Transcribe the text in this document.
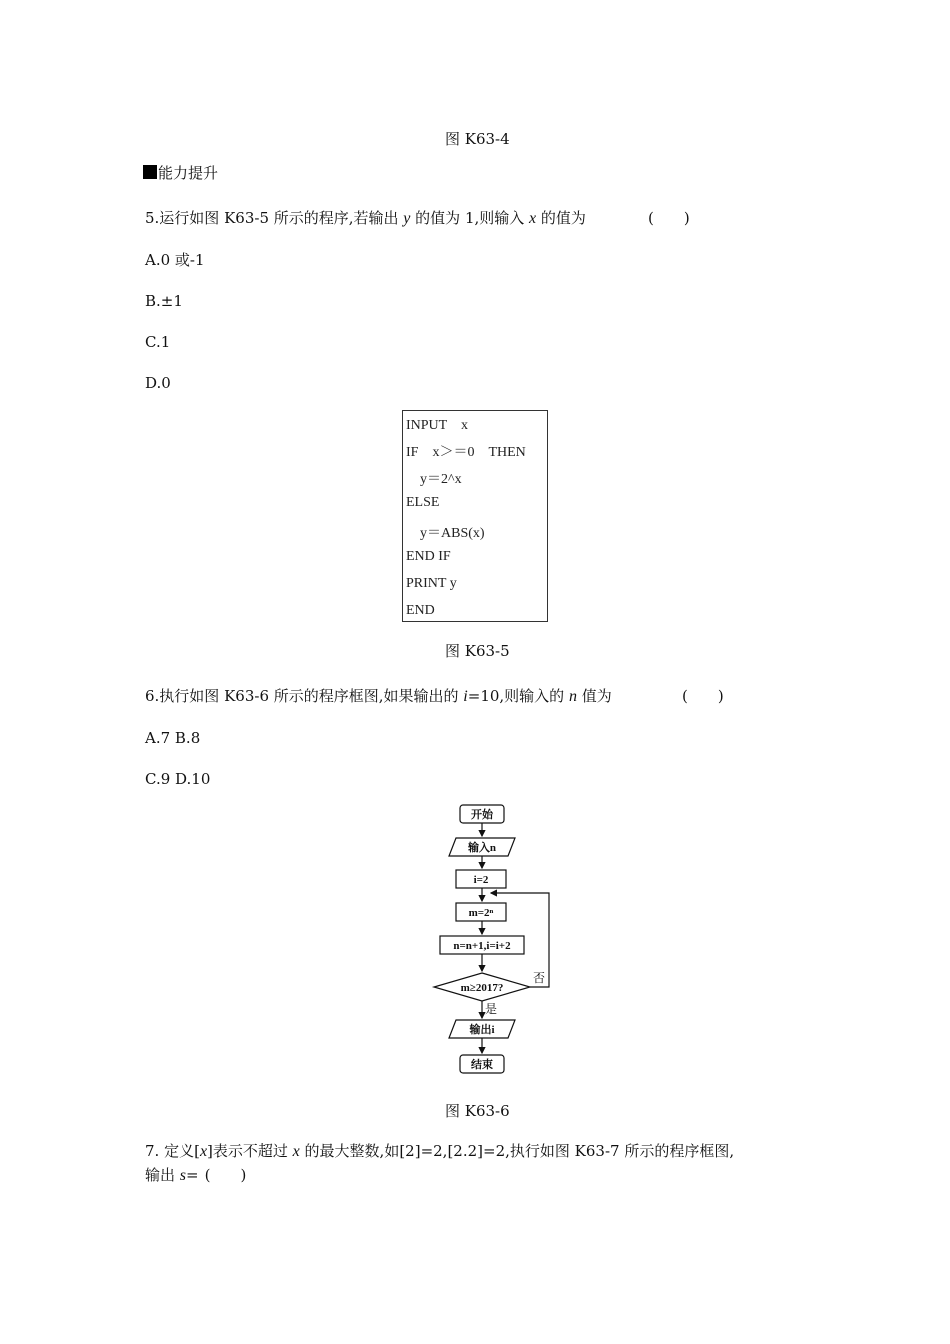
图 K63-4
能力提升
5.运行如图 K63-5 所示的程序,若输出 y 的值为 1,则输入 x 的值为	(　　)
A.0 或-1
B.±1
C.1
D.0
INPUT　x
IF　x＞＝0　THEN
　y＝2^x
ELSE
　y＝ABS(x)
END IF
PRINT y
END
图 K63-5
6.执行如图 K63-6 所示的程序框图,如果输出的 i=10,则输入的 n 值为	(　　)
A.7 B.8
C.9 D.10
开始
输入n
i=2
m=2ⁿ
n=n+1,i=i+2
m≥2017?
否
是
输出i
结束
图 K63-6
7. 定义[x]表示不超过 x 的最大整数,如[2]=2,[2.2]=2,执行如图 K63-7 所示的程序框图,
输出 s= (　　)
